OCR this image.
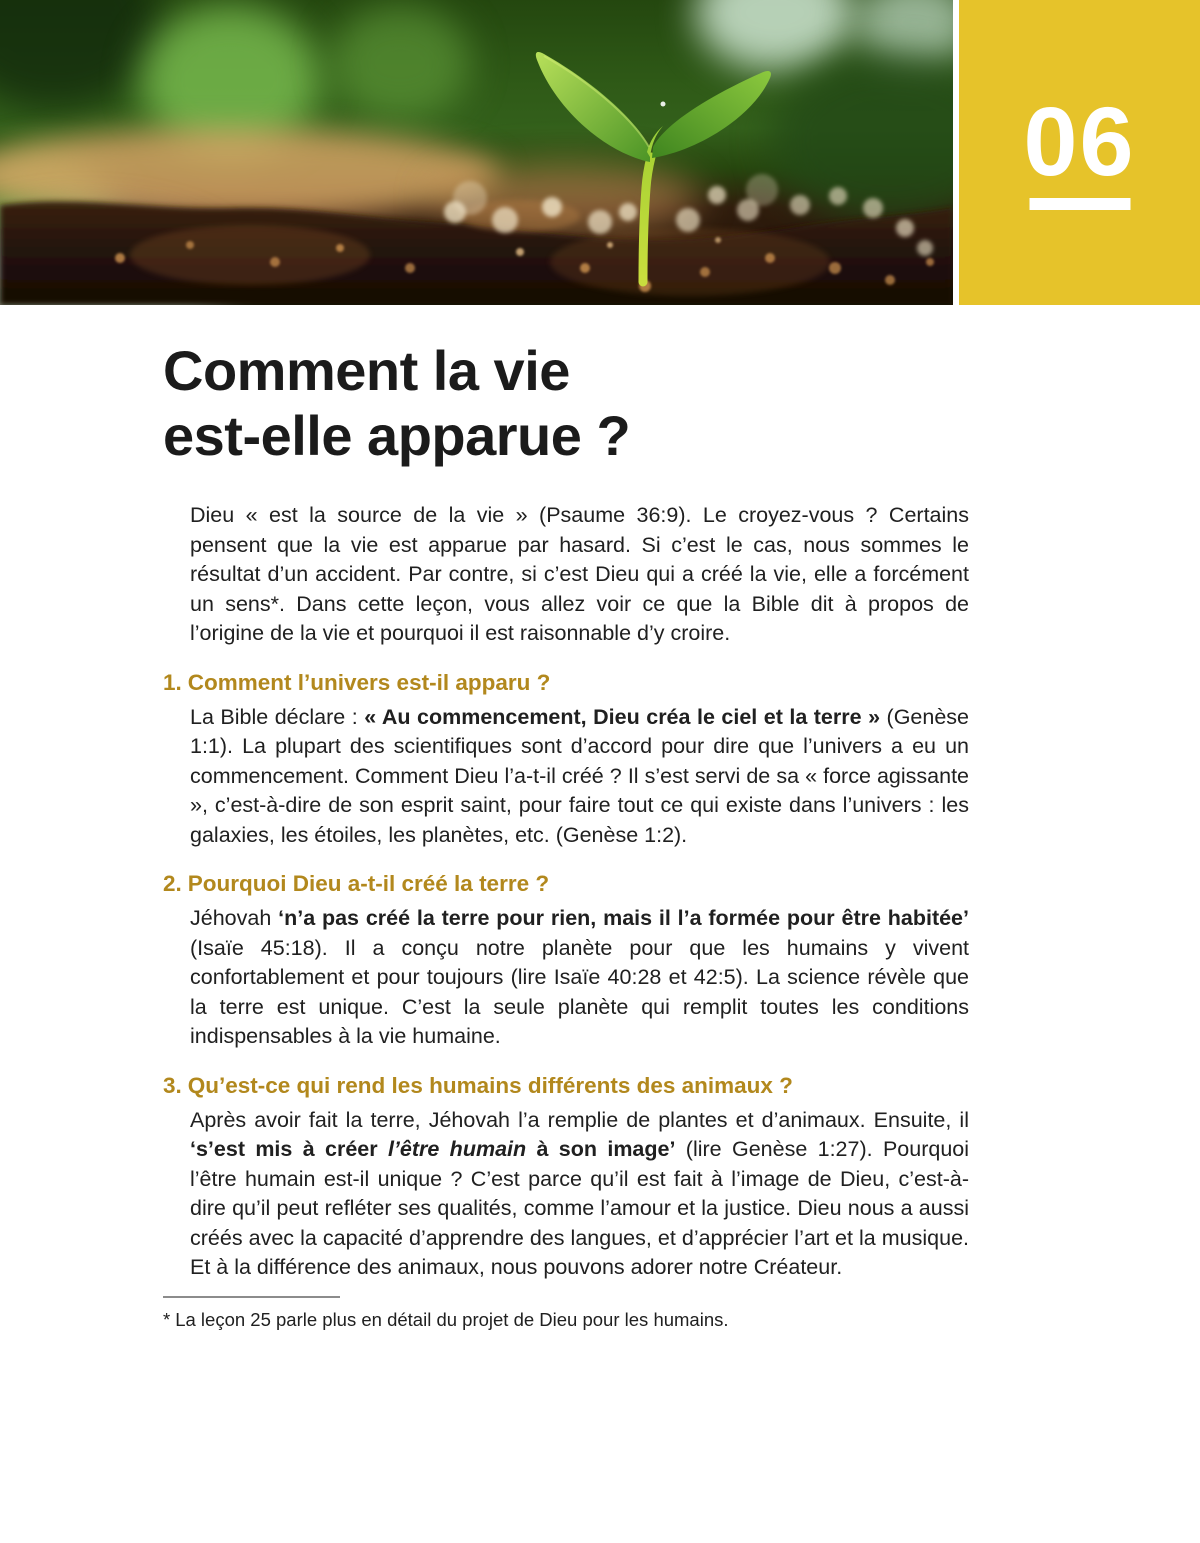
06
Comment la vie
est-elle apparue ?

Dieu « est la source de la vie » (Psaume 36:9). Le croyez-vous ? Certains pensent que la vie est apparue par hasard. Si c’est le cas, nous sommes le résultat d’un accident. Par contre, si c’est Dieu qui a créé la vie, elle a forcément un sens*. Dans cette leçon, vous allez voir ce que la Bible dit à propos de l’origine de la vie et pourquoi il est raisonnable d’y croire.

1. Comment l’univers est-il apparu ?

La Bible déclare : « Au commencement, Dieu créa le ciel et la terre » (Genèse 1:1). La plupart des scientifiques sont d’accord pour dire que l’univers a eu un commencement. Comment Dieu l’a-t-il créé ? Il s’est servi de sa « force agissante », c’est-à-dire de son esprit saint, pour faire tout ce qui existe dans l’univers : les galaxies, les étoiles, les planètes, etc. (Genèse 1:2).

2. Pourquoi Dieu a-t-il créé la terre ?

Jéhovah ‘n’a pas créé la terre pour rien, mais il l’a formée pour être habitée’ (Isaïe 45:18). Il a conçu notre planète pour que les humains y vivent confortablement et pour toujours (lire Isaïe 40:28 et 42:5). La science révèle que la terre est unique. C’est la seule planète qui remplit toutes les conditions indispensables à la vie humaine.

3. Qu’est-ce qui rend les humains différents des animaux ?

Après avoir fait la terre, Jéhovah l’a remplie de plantes et d’animaux. Ensuite, il ‘s’est mis à créer l’être humain à son image’ (lire Genèse 1:27). Pourquoi l’être humain est-il unique ? C’est parce qu’il est fait à l’image de Dieu, c’est-à-dire qu’il peut refléter ses qualités, comme l’amour et la justice. Dieu nous a aussi créés avec la capacité d’apprendre des langues, et d’apprécier l’art et la musique. Et à la différence des animaux, nous pouvons adorer notre Créateur.

* La leçon 25 parle plus en détail du projet de Dieu pour les humains.
